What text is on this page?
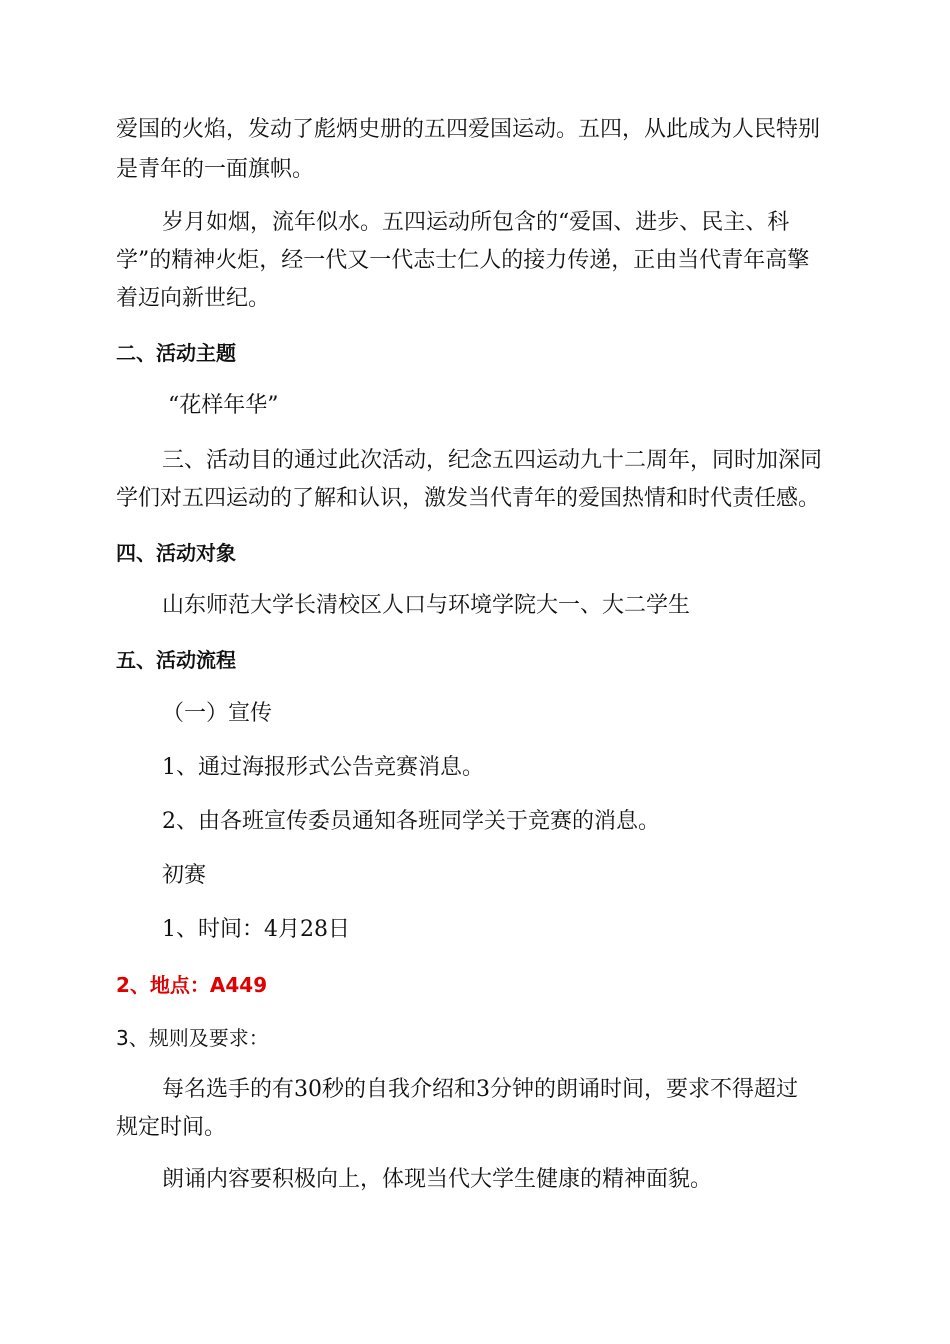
爱国的火焰，发动了彪炳史册的五四爱国运动。五四，从此成为人民特别
是青年的一面旗帜。
岁月如烟，流年似水。五四运动所包含的“爱国、进步、民主、科
学”的精神火炬，经一代又一代志士仁人的接力传递，正由当代青年高擎
着迈向新世纪。
二、活动主题
“花样年华”
三、活动目的通过此次活动，纪念五四运动九十二周年，同时加深同
学们对五四运动的了解和认识，激发当代青年的爱国热情和时代责任感。
四、活动对象
山东师范大学长清校区人口与环境学院大一、大二学生
五、活动流程
（一）宣传
1、通过海报形式公告竞赛消息。
2、由各班宣传委员通知各班同学关于竞赛的消息。
初赛
1、时间：4月28日
2、地点：A449
3、规则及要求：
每名选手的有30秒的自我介绍和3分钟的朗诵时间，要求不得超过
规定时间。
朗诵内容要积极向上，体现当代大学生健康的精神面貌。
